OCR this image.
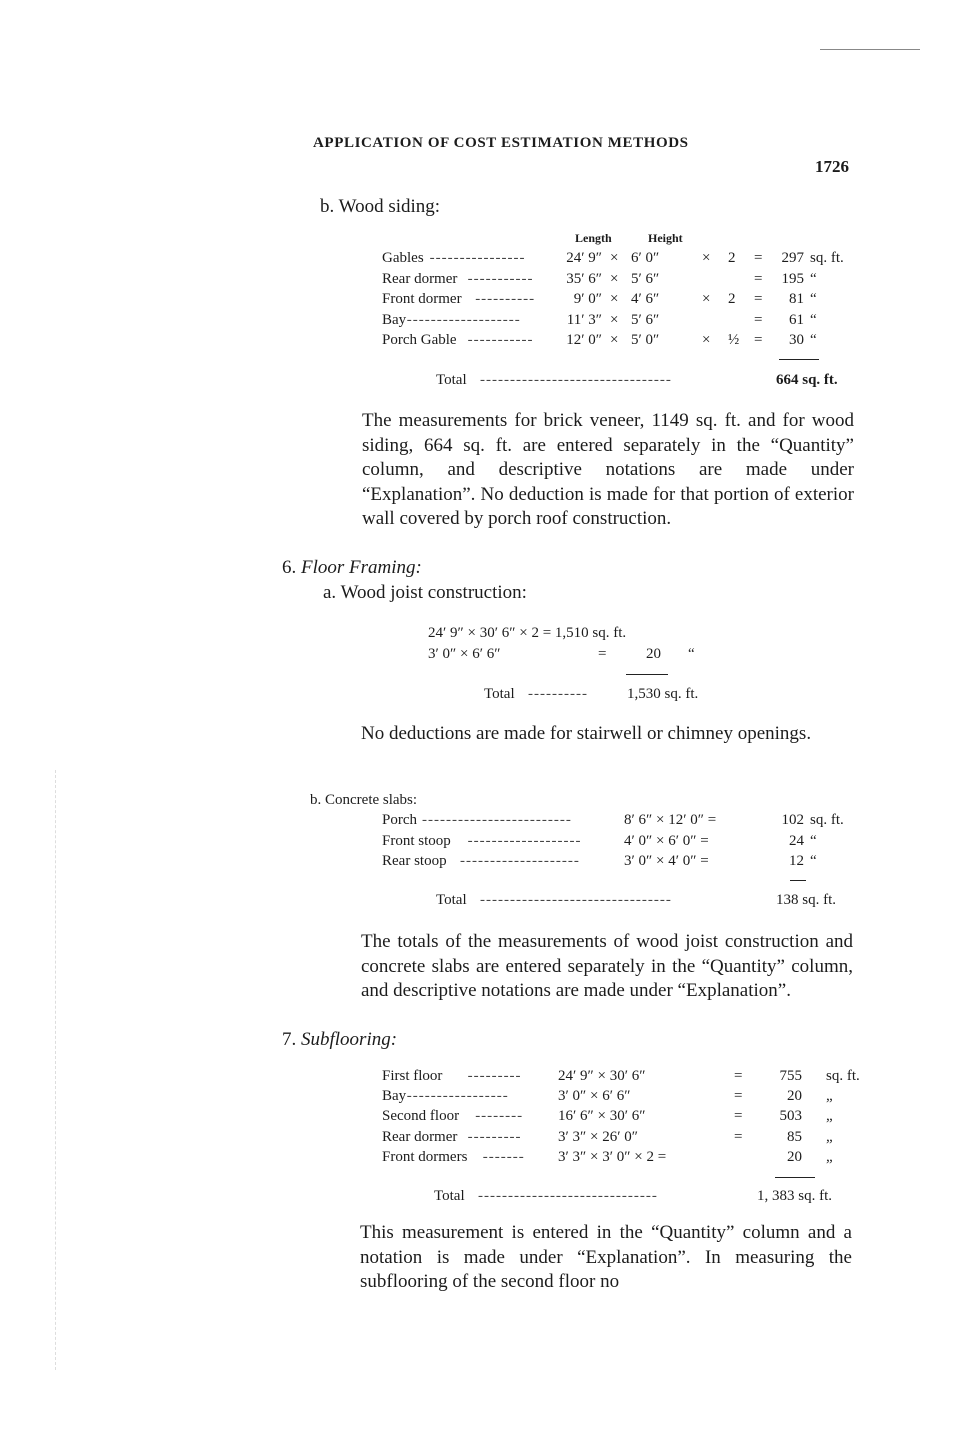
APPLICATION OF COST ESTIMATION METHODS
1726
b. Wood siding:
Length	Height
Gables ----------------	24′ 9″ × 6′ 0″	× 2 = 297 sq. ft.
Rear dormer -----------	35′ 6″ × 5′ 6″	= 195 “
Front dormer ----------	9′ 0″ × 4′ 6″	× 2 =	81 “
Bay -------------------	11′ 3″ × 5′ 6″	=	61 “
Porch Gable -----------	12′ 0″ × 5′ 0″	× ½ =	30 “
Total --------------------------------	664 sq. ft.

The measurements for brick veneer, 1149 sq. ft. and for wood siding, 664 sq. ft. are entered separately in the “Quantity” column, and descriptive notations are made under “Explanation”. No deduction is made for that portion of exterior wall covered by porch roof construction.

6. Floor Framing:
a. Wood joist construction:
24′ 9″ × 30′ 6″ × 2 = 1,510 sq. ft.
3′ 0″ × 6′ 6″	=	20 “
Total ----------	1,530 sq. ft.

No deductions are made for stairwell or chimney openings.

b. Concrete slabs:
Porch -------------------------	8′ 6″ × 12′ 0″ =	102 sq. ft.
Front stoop -------------------	4′ 0″ × 6′ 0″ =	24 “
Rear stoop --------------------	3′ 0″ × 4′ 0″ =	12 “
Total --------------------------------	138 sq. ft.

The totals of the measurements of wood joist construction and concrete slabs are entered separately in the “Quantity” column, and descriptive notations are made under “Explanation”.

7. Subflooring:
First floor --------- 24′ 9″ × 30′ 6″	=	755 sq. ft.
Bay -----------------	3′ 0″ × 6′ 6″	=	20 „
Second floor -------- 16′ 6″ × 30′ 6″	=	503 „
Rear dormer --------- 3′ 3″ × 26′ 0″	=	85 „
Front dormers ------- 3′ 3″ × 3′ 0″ × 2 =	20 „
Total ------------------------------	1, 383 sq. ft.

This measurement is entered in the “Quantity” column and a notation is made under “Explanation”. In measuring the subflooring of the second floor no
